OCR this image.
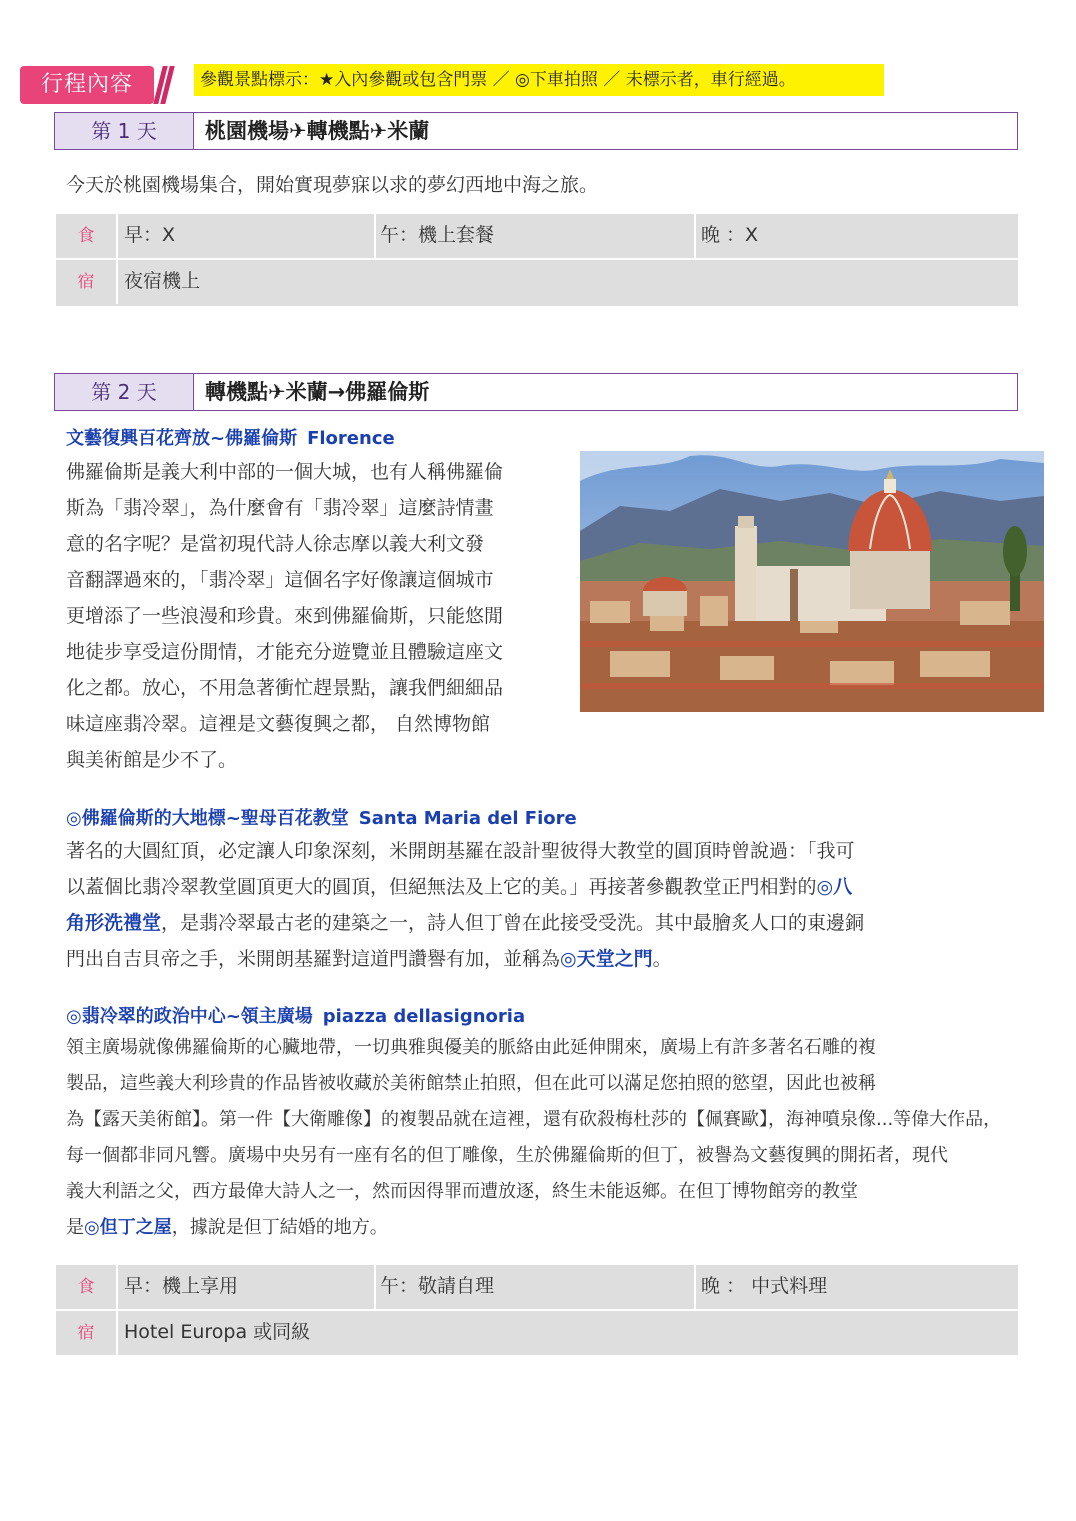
行程內容	參觀景點標示：★入內參觀或包含門票 ／ ◎下車拍照 ／ 未標示者，車行經過。
第 1 天	桃園機場✈轉機點✈米蘭
今天於桃園機場集合，開始實現夢寐以求的夢幻西地中海之旅。
食	早：X	午：機上套餐	晚 ：X
宿	夜宿機上
第 2 天	轉機點✈米蘭→佛羅倫斯
文藝復興百花齊放~佛羅倫斯 Florence
佛羅倫斯是義大利中部的一個大城，也有人稱佛羅倫
斯為「翡冷翠」，為什麼會有「翡冷翠」這麼詩情畫
意的名字呢？是當初現代詩人徐志摩以義大利文發
音翻譯過來的，「翡冷翠」這個名字好像讓這個城市
更增添了一些浪漫和珍貴。來到佛羅倫斯，只能悠閒
地徒步享受這份閒情，才能充分遊覽並且體驗這座文
化之都。放心，不用急著衝忙趕景點，讓我們細細品
味這座翡冷翠。這裡是文藝復興之都， 自然博物館
與美術館是少不了。
◎佛羅倫斯的大地標~聖母百花教堂 Santa Maria del Fiore
著名的大圓紅頂，必定讓人印象深刻，米開朗基羅在設計聖彼得大教堂的圓頂時曾說過：「我可
以蓋個比翡冷翠教堂圓頂更大的圓頂，但絕無法及上它的美。」再接著參觀教堂正門相對的◎八
角形洗禮堂，是翡冷翠最古老的建築之一，詩人但丁曾在此接受受洗。其中最膾炙人口的東邊銅
門出自吉貝帝之手，米開朗基羅對這道門讚譽有加，並稱為◎天堂之門。
◎翡冷翠的政治中心~領主廣場 piazza dellasignoria
領主廣場就像佛羅倫斯的心臟地帶，一切典雅與優美的脈絡由此延伸開來，廣場上有許多著名石雕的複
製品，這些義大利珍貴的作品皆被收藏於美術館禁止拍照，但在此可以滿足您拍照的慾望，因此也被稱
為【露天美術館】。第一件【大衛雕像】的複製品就在這裡，還有砍殺梅杜莎的【佩賽歐】，海神噴泉像...等偉大作品，
每一個都非同凡響。廣場中央另有一座有名的但丁雕像，生於佛羅倫斯的但丁，被譽為文藝復興的開拓者，現代
義大利語之父，西方最偉大詩人之一，然而因得罪而遭放逐，終生未能返鄉。在但丁博物館旁的教堂
是◎但丁之屋，據說是但丁結婚的地方。
食	早：機上享用	午：敬請自理	晚 ： 中式料理
宿	Hotel Europa 或同級
